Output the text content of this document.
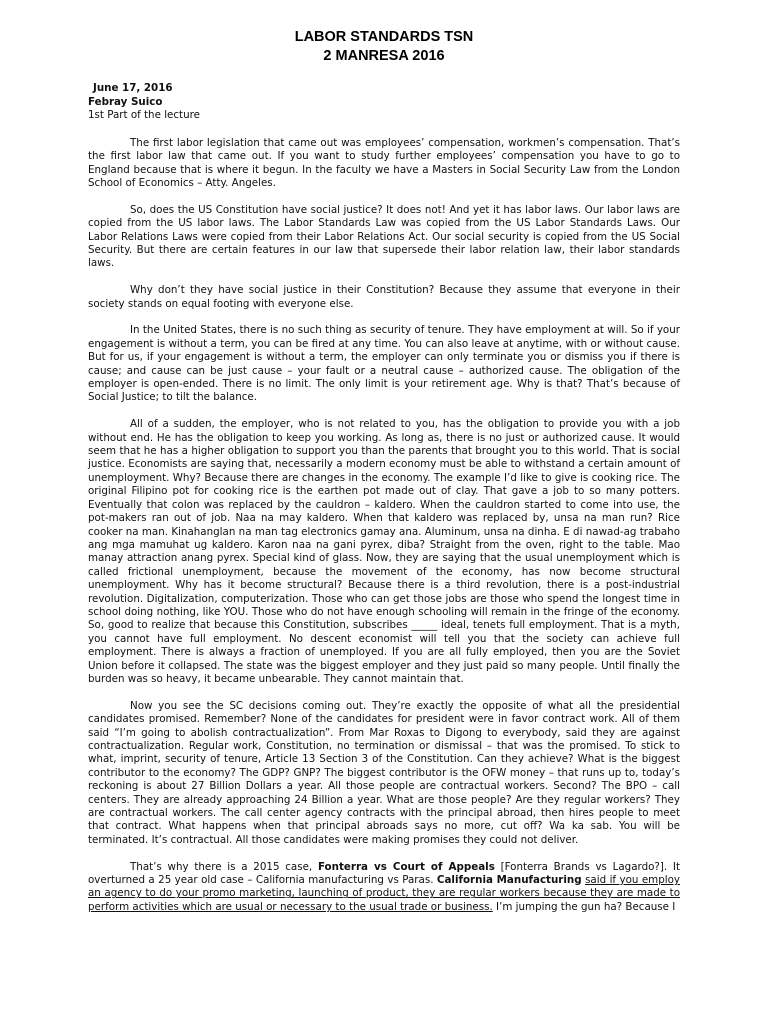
LABOR STANDARDS TSN
2 MANRESA 2016
June 17, 2016
Febray Suico
1st Part of the lecture

The first labor legislation that came out was employees’ compensation, workmen’s compensation. That’s the first labor law that came out. If you want to study further employees’ compensation you have to go to England because that is where it begun. In the faculty we have a Masters in Social Security Law from the London School of Economics – Atty. Angeles.

So, does the US Constitution have social justice? It does not! And yet it has labor laws. Our labor laws are copied from the US labor laws. The Labor Standards Law was copied from the US Labor Standards Laws. Our Labor Relations Laws were copied from their Labor Relations Act. Our social security is copied from the US Social Security. But there are certain features in our law that supersede their labor relation law, their labor standards laws.

Why don’t they have social justice in their Constitution? Because they assume that everyone in their society stands on equal footing with everyone else.

In the United States, there is no such thing as security of tenure. They have employment at will. So if your engagement is without a term, you can be fired at any time. You can also leave at anytime, with or without cause. But for us, if your engagement is without a term, the employer can only terminate you or dismiss you if there is cause; and cause can be just cause – your fault or a neutral cause – authorized cause. The obligation of the employer is open-ended. There is no limit. The only limit is your retirement age. Why is that? That’s because of Social Justice; to tilt the balance.

All of a sudden, the employer, who is not related to you, has the obligation to provide you with a job without end. He has the obligation to keep you working. As long as, there is no just or authorized cause. It would seem that he has a higher obligation to support you than the parents that brought you to this world. That is social justice. Economists are saying that, necessarily a modern economy must be able to withstand a certain amount of unemployment. Why? Because there are changes in the economy. The example I’d like to give is cooking rice. The original Filipino pot for cooking rice is the earthen pot made out of clay. That gave a job to so many potters. Eventually that colon was replaced by the cauldron – kaldero. When the cauldron started to come into use, the pot-makers ran out of job. Naa na may kaldero. When that kaldero was replaced by, unsa na man run? Rice cooker na man. Kinahanglan na man tag electronics gamay ana. Aluminum, unsa na dinha. E di nawad-ag trabaho ang mga mamuhat ug kaldero. Karon naa na gani pyrex, diba? Straight from the oven, right to the table. Mao manay attraction anang pyrex. Special kind of glass. Now, they are saying that the usual unemployment which is called frictional unemployment, because the movement of the economy, has now become structural unemployment. Why has it become structural? Because there is a third revolution, there is a post-industrial revolution. Digitalization, computerization. Those who can get those jobs are those who spend the longest time in school doing nothing, like YOU. Those who do not have enough schooling will remain in the fringe of the economy. So, good to realize that because this Constitution, subscribes _____ ideal, tenets full employment. That is a myth, you cannot have full employment. No descent economist will tell you that the society can achieve full employment. There is always a fraction of unemployed. If you are all fully employed, then you are the Soviet Union before it collapsed. The state was the biggest employer and they just paid so many people. Until finally the burden was so heavy, it became unbearable. They cannot maintain that.

Now you see the SC decisions coming out. They’re exactly the opposite of what all the presidential candidates promised. Remember? None of the candidates for president were in favor contract work. All of them said “I’m going to abolish contractualization”. From Mar Roxas to Digong to everybody, said they are against contractualization. Regular work, Constitution, no termination or dismissal – that was the promised. To stick to what, imprint, security of tenure, Article 13 Section 3 of the Constitution. Can they achieve? What is the biggest contributor to the economy? The GDP? GNP? The biggest contributor is the OFW money – that runs up to, today’s reckoning is about 27 Billion Dollars a year. All those people are contractual workers. Second? The BPO – call centers. They are already approaching 24 Billion a year. What are those people? Are they regular workers? They are contractual workers. The call center agency contracts with the principal abroad, then hires people to meet that contract. What happens when that principal abroads says no more, cut off? Wa ka sab. You will be terminated. It’s contractual. All those candidates were making promises they could not deliver.

That’s why there is a 2015 case, Fonterra vs Court of Appeals [Fonterra Brands vs Lagardo?]. It overturned a 25 year old case – California manufacturing vs Paras. California Manufacturing said if you employ an agency to do your promo marketing, launching of product, they are regular workers because they are made to perform activities which are usual or necessary to the usual trade or business. I’m jumping the gun ha? Because I
